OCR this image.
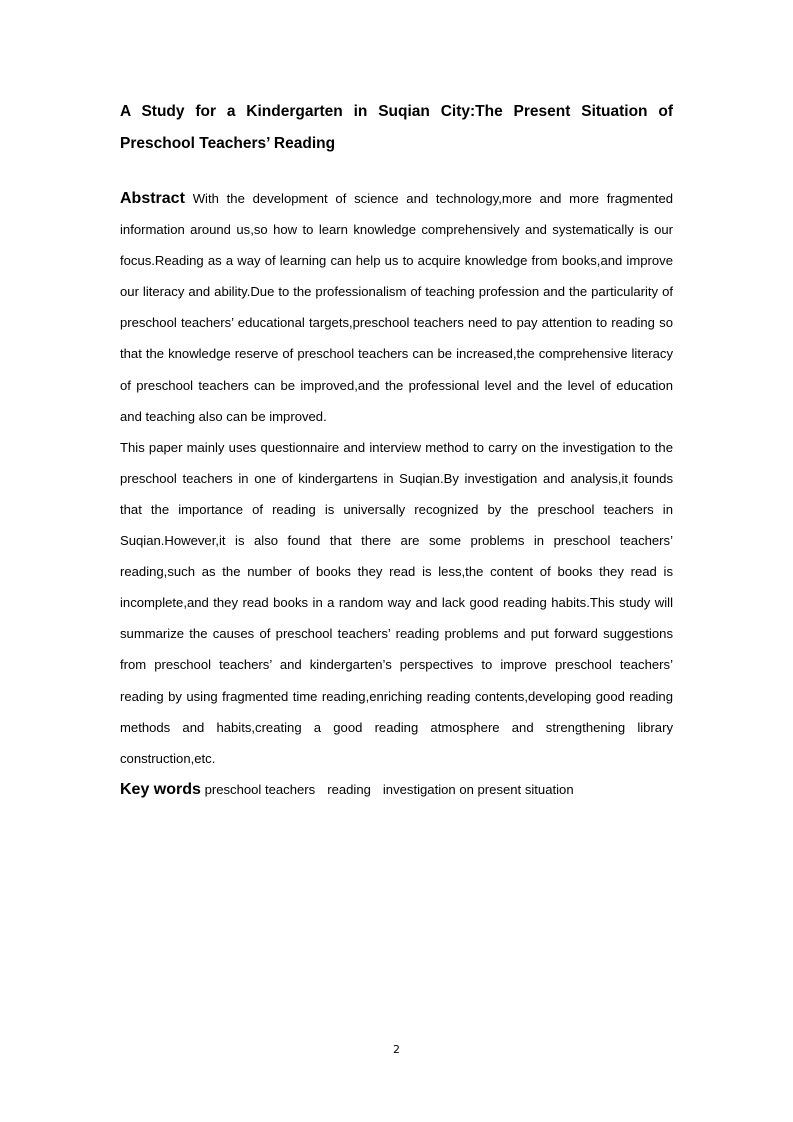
A Study for a Kindergarten in Suqian City:The Present Situation of
Preschool Teachers’ Reading
Abstract With the development of science and technology,more and more fragmented information around us,so how to learn knowledge comprehensively and systematically is our focus.Reading as a way of learning can help us to acquire knowledge from books,and improve our literacy and ability.Due to the professionalism of teaching profession and the particularity of preschool teachers’ educational targets,preschool teachers need to pay attention to reading so that the knowledge reserve of preschool teachers can be increased,the comprehensive literacy of preschool teachers can be improved,and the professional level and the level of education and teaching also can be improved.
This paper mainly uses questionnaire and interview method to carry on the investigation to the preschool teachers in one of kindergartens in Suqian.By investigation and analysis,it founds that the importance of reading is universally recognized by the preschool teachers in Suqian.However,it is also found that there are some problems in preschool teachers’ reading,such as the number of books they read is less,the content of books they read is incomplete,and they read books in a random way and lack good reading habits.This study will summarize the causes of preschool teachers’ reading problems and put forward suggestions from preschool teachers’ and kindergarten’s perspectives to improve preschool teachers’ reading by using fragmented time reading,enriching reading contents,developing good reading methods and habits,creating a good reading atmosphere and strengthening library construction,etc.
Key words preschool teachers reading investigation on present situation
2
